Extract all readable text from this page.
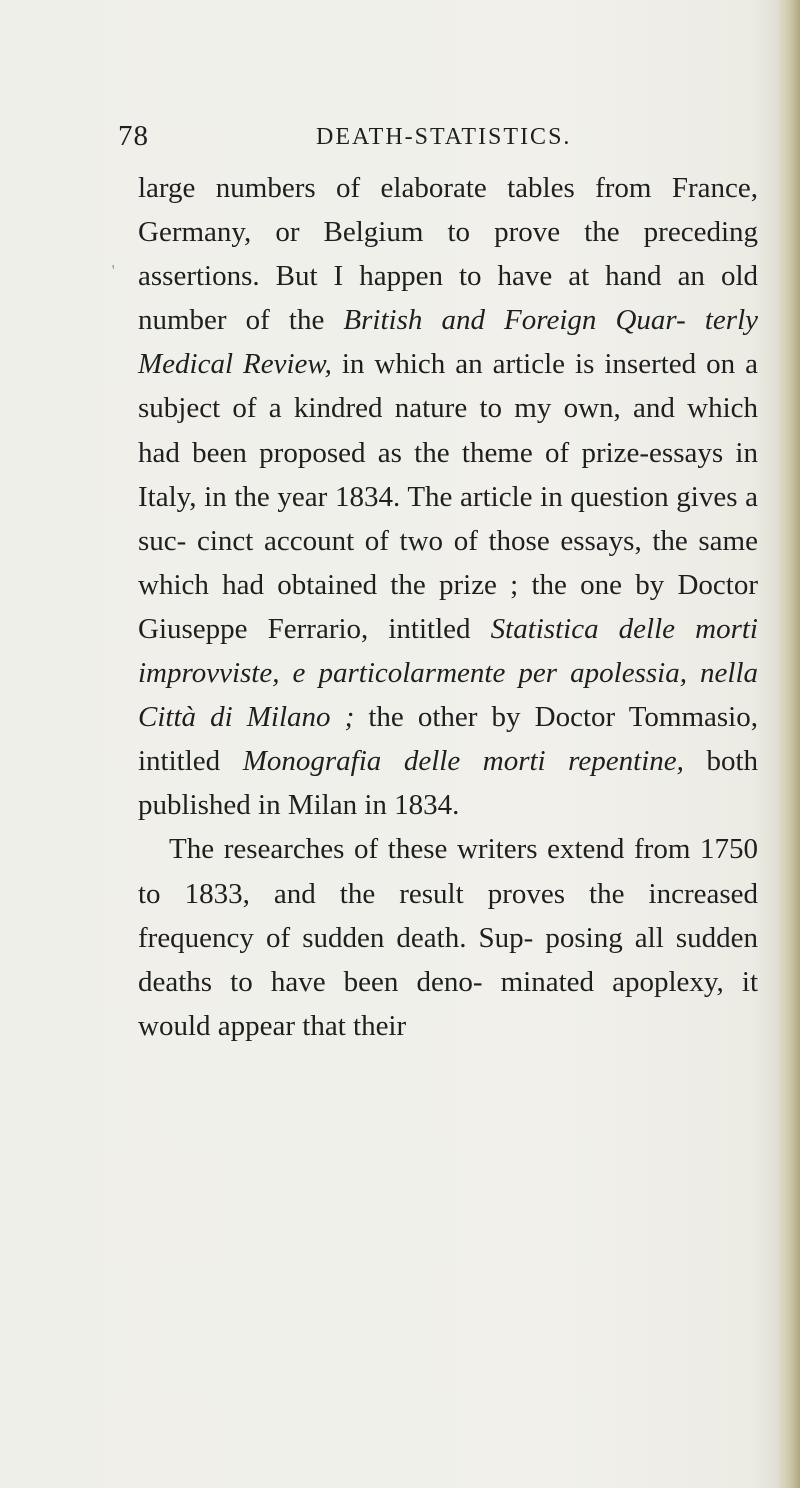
78	DEATH-STATISTICS.
ʹ

large numbers of elaborate tables from France, Germany, or Belgium to prove the preceding assertions. But I happen to have at hand an old number of the British and Foreign Quar- terly Medical Review, in which an article is inserted on a subject of a kindred nature to my own, and which had been proposed as the theme of prize-essays in Italy, in the year 1834. The article in question gives a suc- cinct account of two of those essays, the same which had obtained the prize ; the one by Doctor Giuseppe Ferrario, intitled Statistica delle morti improvviste, e particolarmente per apolessia, nella Città di Milano ; the other by Doctor Tommasio, intitled Monografia delle morti repentine, both published in Milan in 1834.

The researches of these writers extend from 1750 to 1833, and the result proves the increased frequency of sudden death. Sup- posing all sudden deaths to have been deno- minated apoplexy, it would appear that their
